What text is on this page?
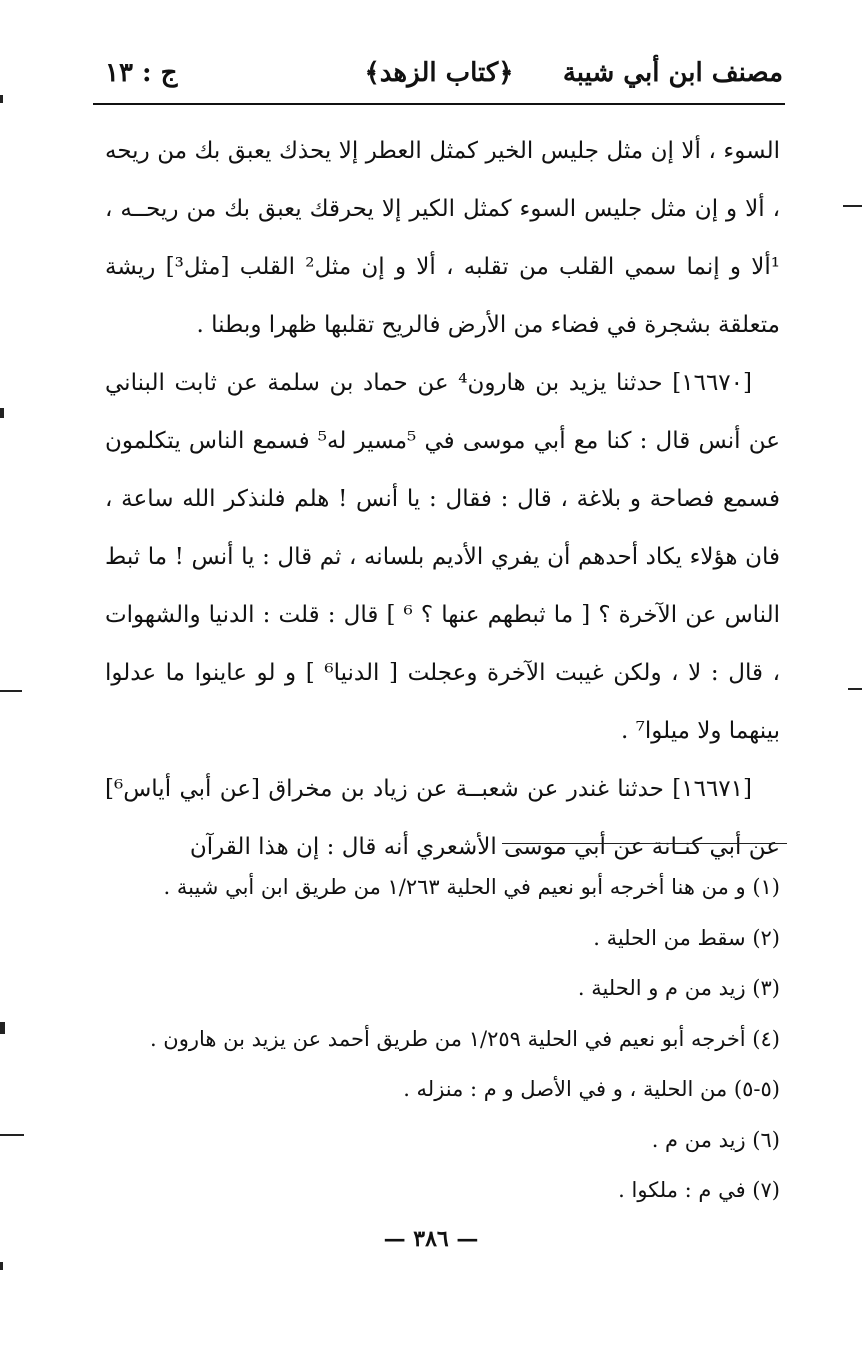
مصنف ابن أبي شيبة
﴿كتاب الزهد﴾
ج : ١٣

السوء ، ألا إن مثل جليس الخير كمثل العطر إلا يحذك يعبق بك من ريحه ، ألا و إن مثل جليس السوء كمثل الكير إلا يحرقك يعبق بك من ريحــه ، ¹ألا و إنما سمي القلب من تقلبه ، ألا و إن مثل² القلب [مثل³] ريشة متعلقة بشجرة في فضاء من الأرض فالريح تقلبها ظهرا وبطنا .

[١٦٦٧٠] حدثنا يزيد بن هارون⁴ عن حماد بن سلمة عن ثابت البناني عن أنس قال : كنا مع أبي موسى في ⁵مسير له⁵ فسمع الناس يتكلمون فسمع فصاحة و بلاغة ، قال : فقال : يا أنس ! هلم فلنذكر الله ساعة ، فان هؤلاء يكاد أحدهم أن يفري الأديم بلسانه ، ثم قال : يا أنس ! ما ثبط الناس عن الآخرة ؟ [ ما ثبطهم عنها ؟ ⁶ ] قال : قلت : الدنيا والشهوات ، قال : لا ، ولكن غيبت الآخرة وعجلت [ الدنيا⁶ ] و لو عاينوا ما عدلوا بينهما ولا ميلوا⁷ .

[١٦٦٧١] حدثنا غندر عن شعبــة عن زياد بن مخراق [عن أبي أياس⁶] عن أبي كنـانة عن أبي موسى الأشعري أنه قال : إن هذا القرآن

(١) و من هنا أخرجه أبو نعيم في الحلية ١/٢٦٣ من طريق ابن أبي شيبة .
(٢) سقط من الحلية .
(٣) زيد من م و الحلية .
(٤) أخرجه أبو نعيم في الحلية ١/٢٥٩ من طريق أحمد عن يزيد بن هارون .
(٥-٥) من الحلية ، و في الأصل و م : منزله .
(٦) زيد من م .
(٧) في م : ملكوا .
— ٣٨٦ —
